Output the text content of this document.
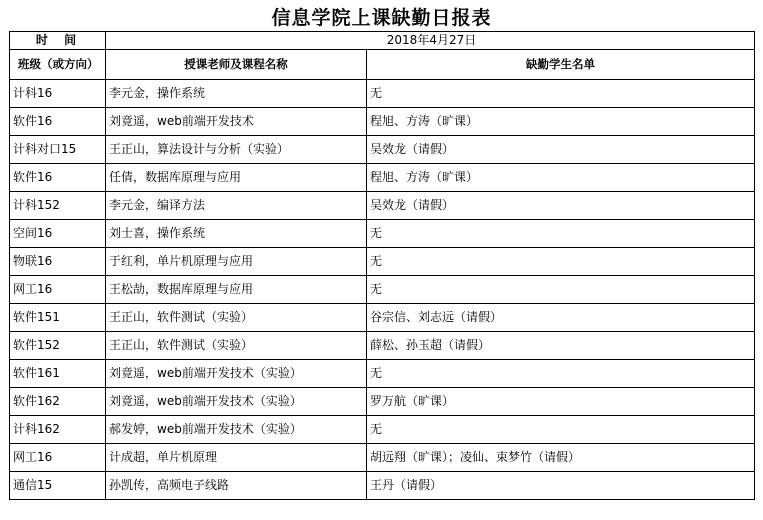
信息学院上课缺勤日报表
时 间	2018年4月27日	
班级（或方向）	授课老师及课程名称	缺勤学生名单
计科16	李元金，操作系统	无
软件16	刘竟遥，web前端开发技术	程旭、方涛（旷课）
计科对口15	王正山，算法设计与分析（实验）	吴效龙（请假）
软件16	任倩，数据库原理与应用	程旭、方涛（旷课）
计科152	李元金，编译方法	吴效龙（请假）
空间16	刘士喜，操作系统	无
物联16	于红利，单片机原理与应用	无
网工16	王松劼，数据库原理与应用	无
软件151	王正山，软件测试（实验）	谷宗信、刘志远（请假）
软件152	王正山，软件测试（实验）	薛松、孙玉超（请假）
软件161	刘竟遥，web前端开发技术（实验）	无
软件162	刘竟遥，web前端开发技术（实验）	罗万航（旷课）
计科162	郝发婷，web前端开发技术（实验）	无
网工16	计成超，单片机原理	胡远翔（旷课）；凌仙、束梦竹（请假）
通信15	孙凯传，高频电子线路	王丹（请假）
